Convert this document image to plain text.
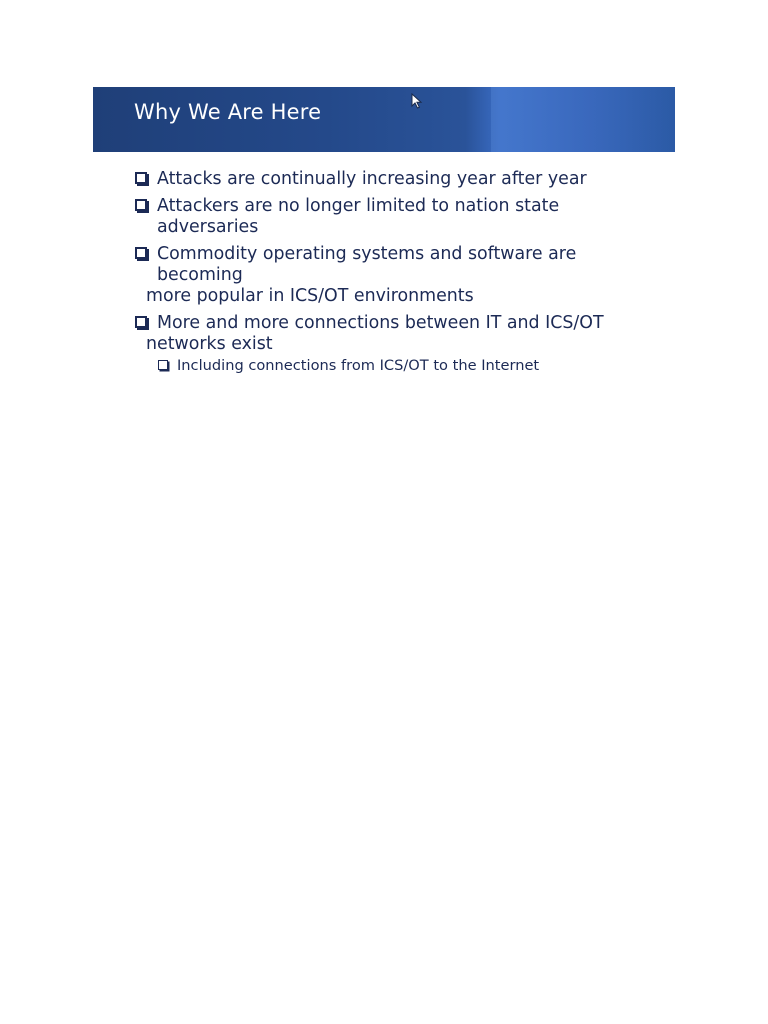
Why We Are Here
Attacks are continually increasing year after year
Attackers are no longer limited to nation state adversaries
Commodity operating systems and software are becoming
more popular in ICS/OT environments
More and more connections between IT and ICS/OT
networks exist
Including connections from ICS/OT to the Internet
